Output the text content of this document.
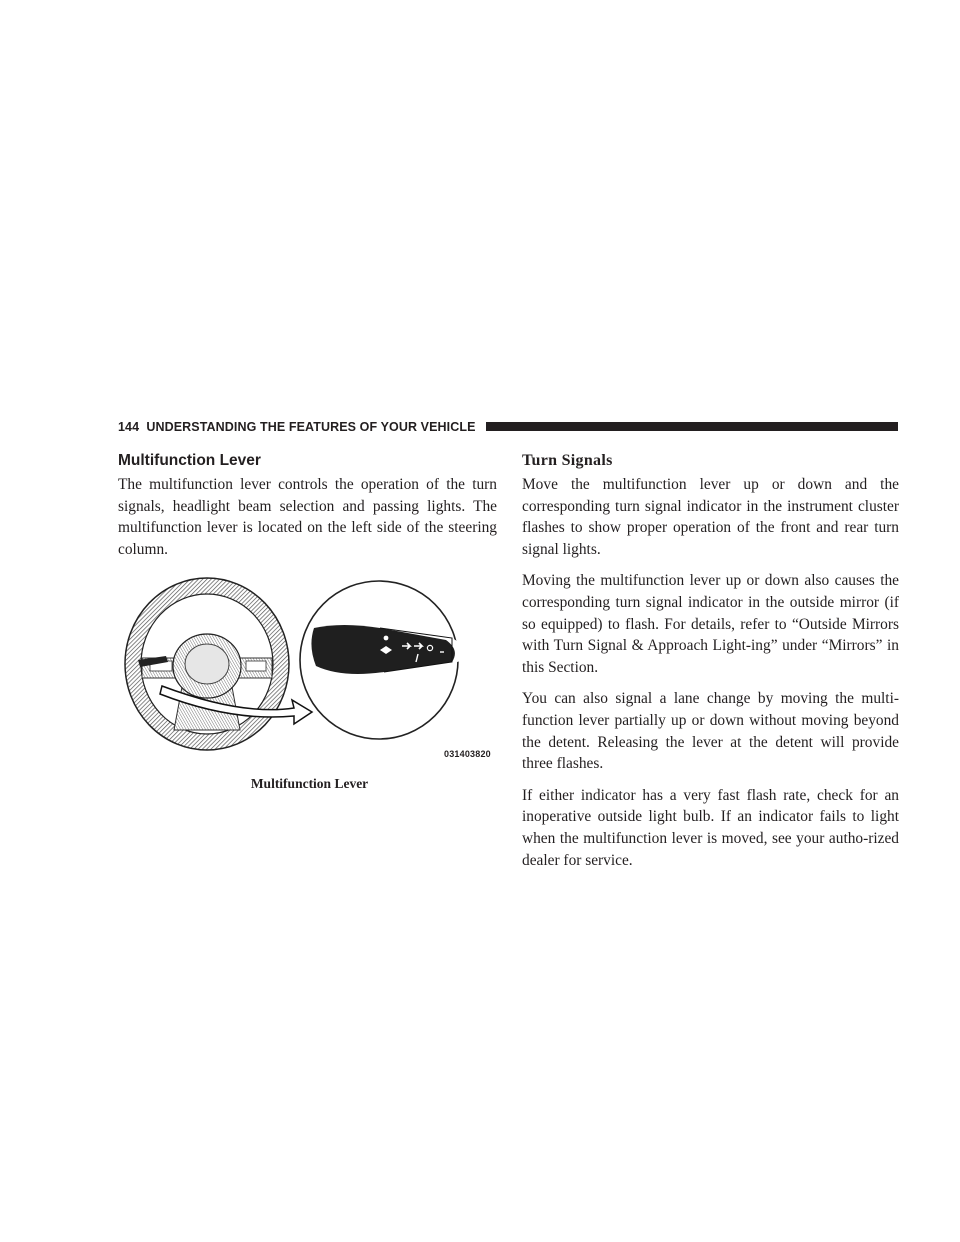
144 UNDERSTANDING THE FEATURES OF YOUR VEHICLE
Multifunction Lever

The multifunction lever controls the operation of the turn signals, headlight beam selection and passing lights. The multifunction lever is located on the left side of the steering column.

031403820
Multifunction Lever
Turn Signals

Move the multifunction lever up or down and the corresponding turn signal indicator in the instrument cluster flashes to show proper operation of the front and rear turn signal lights.

Moving the multifunction lever up or down also causes the corresponding turn signal indicator in the outside mirror (if so equipped) to flash. For details, refer to “Outside Mirrors with Turn Signal & Approach Light-ing” under “Mirrors” in this Section.

You can also signal a lane change by moving the multi-function lever partially up or down without moving beyond the detent. Releasing the lever at the detent will provide three flashes.

If either indicator has a very fast flash rate, check for an inoperative outside light bulb. If an indicator fails to light when the multifunction lever is moved, see your autho-rized dealer for service.
